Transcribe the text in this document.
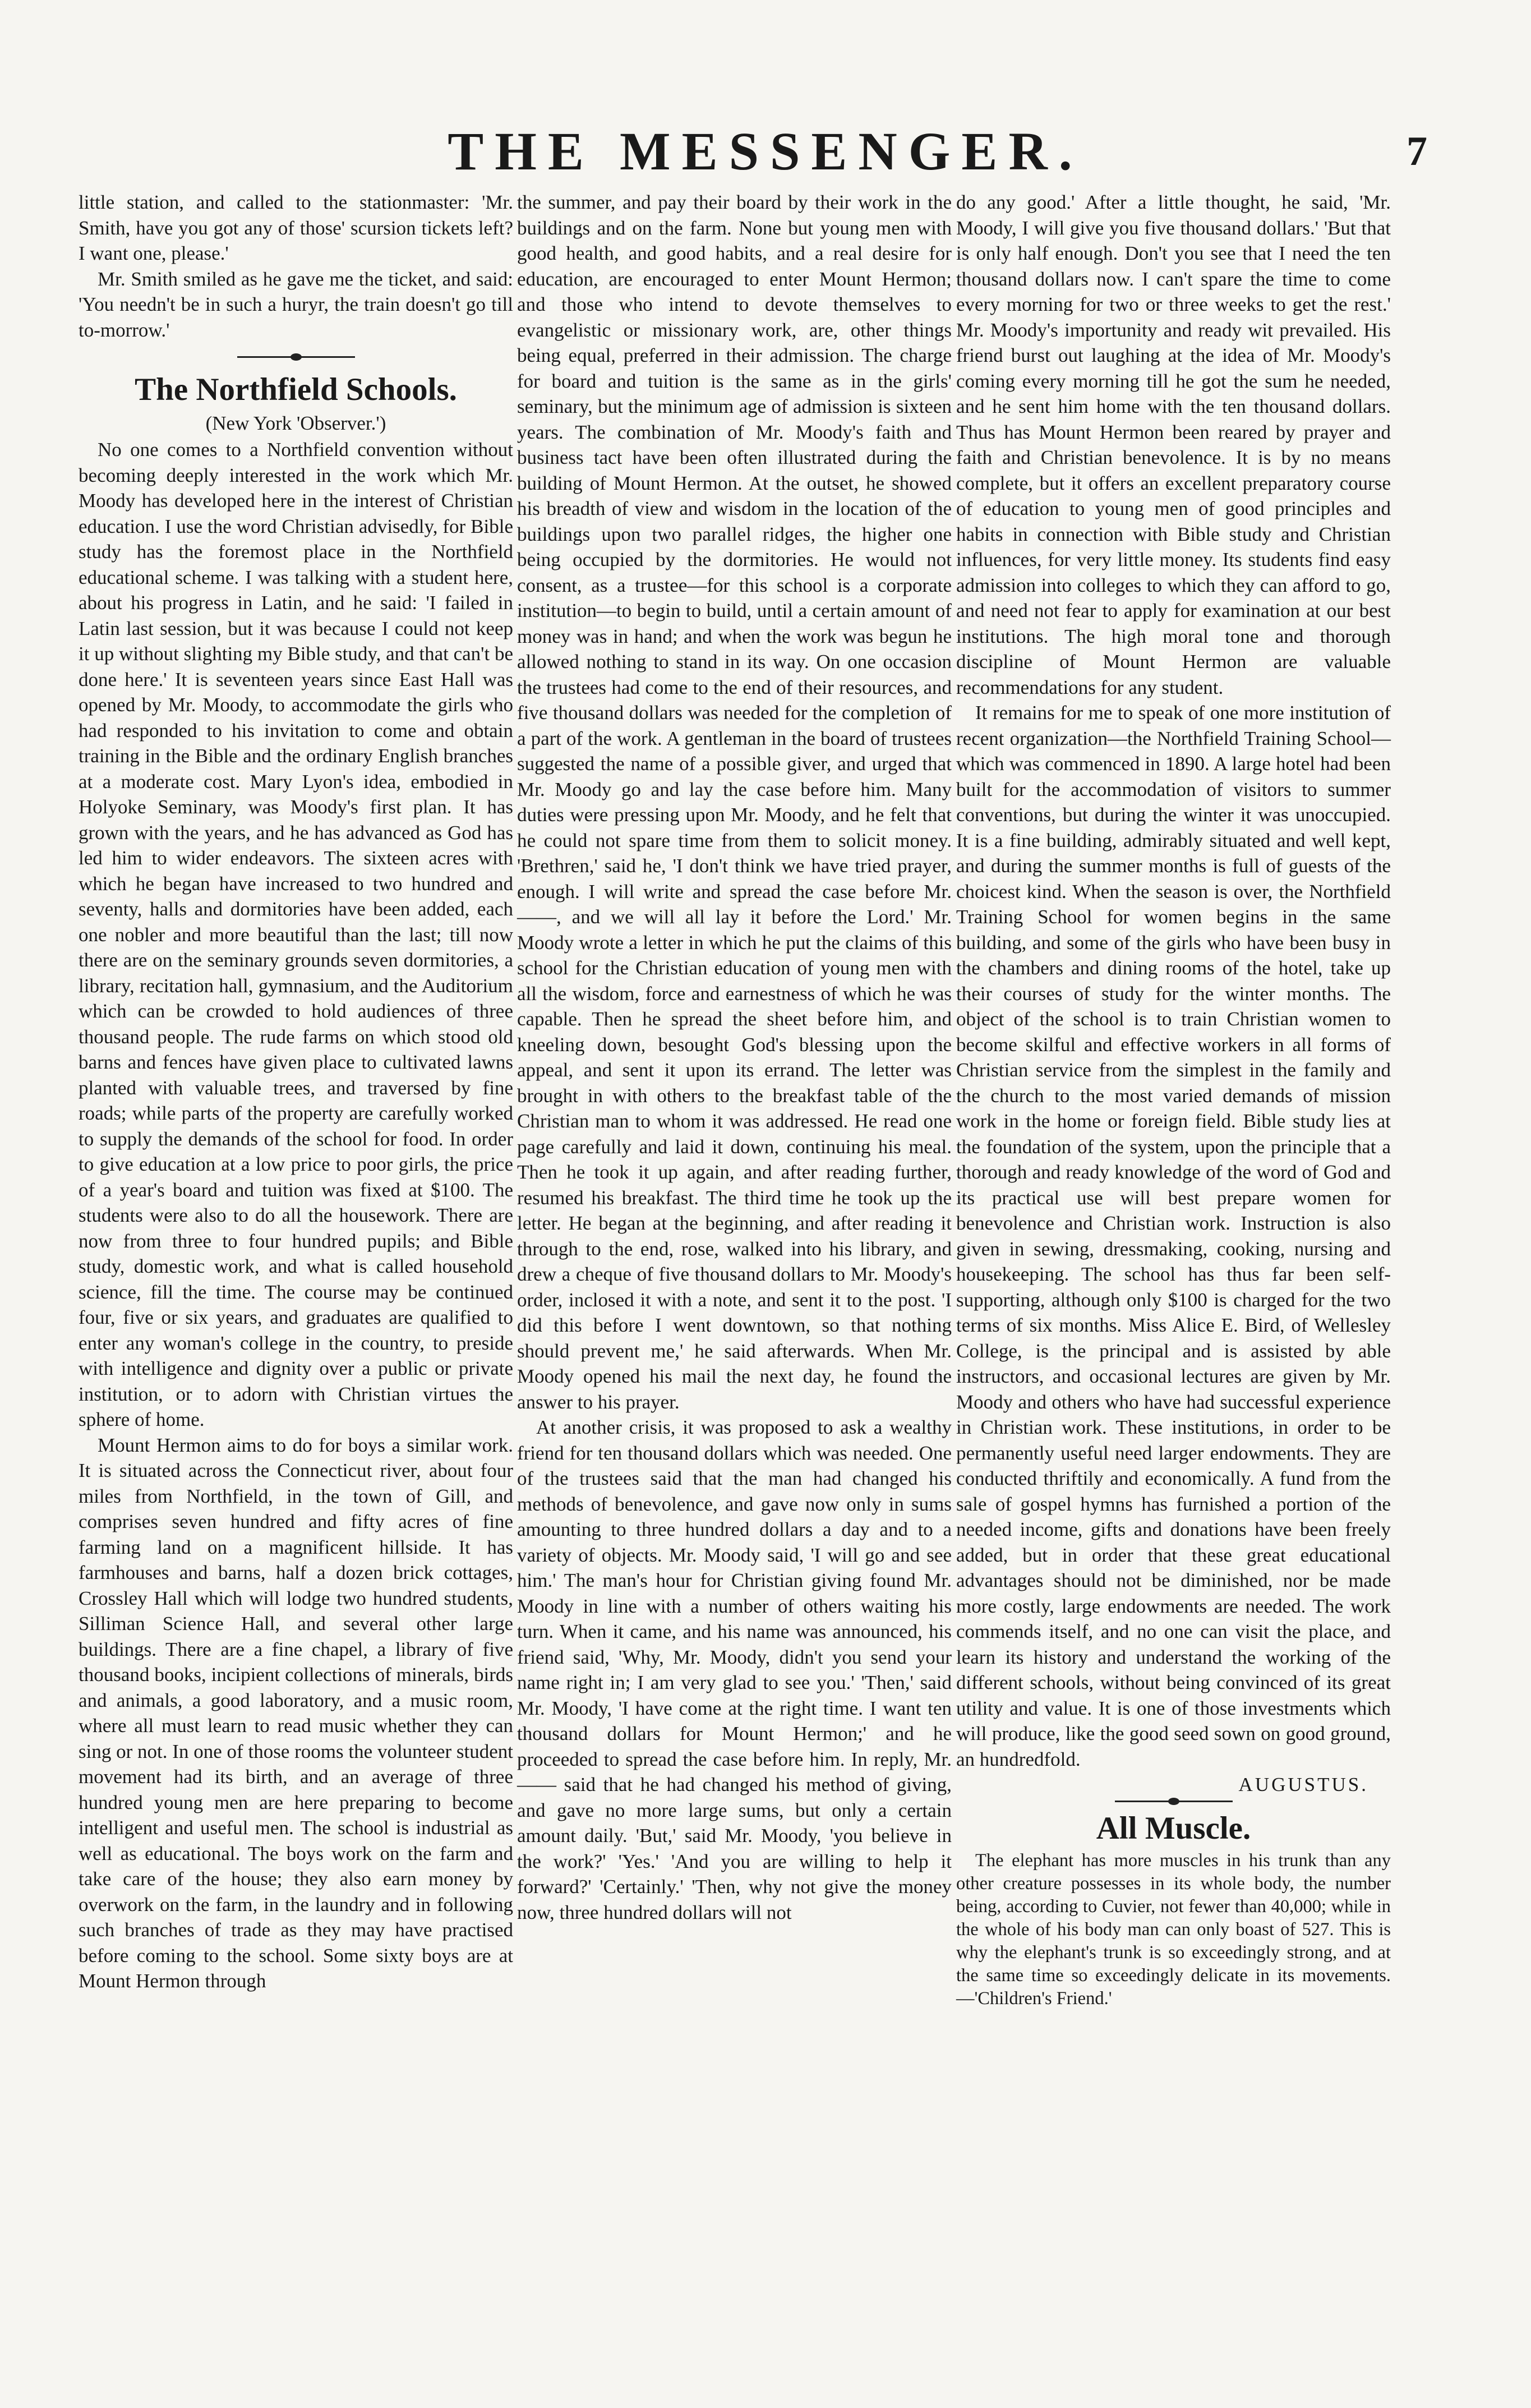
THE MESSENGER.	7

little station, and called to the stationmaster: 'Mr. Smith, have you got any of those' scursion tickets left? I want one, please.'

Mr. Smith smiled as he gave me the ticket, and said: 'You needn't be in such a huryr, the train doesn't go till to-morrow.'

The Northfield Schools.
(New York 'Observer.')

No one comes to a Northfield convention without becoming deeply interested in the work which Mr. Moody has developed here in the interest of Christian education. I use the word Christian advisedly, for Bible study has the foremost place in the Northfield educational scheme. I was talking with a student here, about his progress in Latin, and he said: 'I failed in Latin last session, but it was because I could not keep it up without slighting my Bible study, and that can't be done here.' It is seventeen years since East Hall was opened by Mr. Moody, to accommodate the girls who had responded to his invitation to come and obtain training in the Bible and the ordinary English branches at a moderate cost. Mary Lyon's idea, embodied in Holyoke Seminary, was Moody's first plan. It has grown with the years, and he has advanced as God has led him to wider endeavors. The sixteen acres with which he began have increased to two hundred and seventy, halls and dormitories have been added, each one nobler and more beautiful than the last; till now there are on the seminary grounds seven dormitories, a library, recitation hall, gymnasium, and the Auditorium which can be crowded to hold audiences of three thousand people. The rude farms on which stood old barns and fences have given place to cultivated lawns planted with valuable trees, and traversed by fine roads; while parts of the property are carefully worked to supply the demands of the school for food. In order to give education at a low price to poor girls, the price of a year's board and tuition was fixed at $100. The students were also to do all the housework. There are now from three to four hundred pupils; and Bible study, domestic work, and what is called household science, fill the time. The course may be continued four, five or six years, and graduates are qualified to enter any woman's college in the country, to preside with intelligence and dignity over a public or private institution, or to adorn with Christian virtues the sphere of home.

Mount Hermon aims to do for boys a similar work. It is situated across the Connecticut river, about four miles from Northfield, in the town of Gill, and comprises seven hundred and fifty acres of fine farming land on a magnificent hillside. It has farmhouses and barns, half a dozen brick cottages, Crossley Hall which will lodge two hundred students, Silliman Science Hall, and several other large buildings. There are a fine chapel, a library of five thousand books, incipient collections of minerals, birds and animals, a good laboratory, and a music room, where all must learn to read music whether they can sing or not. In one of those rooms the volunteer student movement had its birth, and an average of three hundred young men are here preparing to become intelligent and useful men. The school is industrial as well as educational. The boys work on the farm and take care of the house; they also earn money by overwork on the farm, in the laundry and in following such branches of trade as they may have practised before coming to the school. Some sixty boys are at Mount Hermon through

the summer, and pay their board by their work in the buildings and on the farm. None but young men with good health, and good habits, and a real desire for education, are encouraged to enter Mount Hermon; and those who intend to devote themselves to evangelistic or missionary work, are, other things being equal, preferred in their admission. The charge for board and tuition is the same as in the girls' seminary, but the minimum age of admission is sixteen years. The combination of Mr. Moody's faith and business tact have been often illustrated during the building of Mount Hermon. At the outset, he showed his breadth of view and wisdom in the location of the buildings upon two parallel ridges, the higher one being occupied by the dormitories. He would not consent, as a trustee—for this school is a corporate institution—to begin to build, until a certain amount of money was in hand; and when the work was begun he allowed nothing to stand in its way. On one occasion the trustees had come to the end of their resources, and five thousand dollars was needed for the completion of a part of the work. A gentleman in the board of trustees suggested the name of a possible giver, and urged that Mr. Moody go and lay the case before him. Many duties were pressing upon Mr. Moody, and he felt that he could not spare time from them to solicit money. 'Brethren,' said he, 'I don't think we have tried prayer, enough. I will write and spread the case before Mr. ——, and we will all lay it before the Lord.' Mr. Moody wrote a letter in which he put the claims of this school for the Christian education of young men with all the wisdom, force and earnestness of which he was capable. Then he spread the sheet before him, and kneeling down, besought God's blessing upon the appeal, and sent it upon its errand. The letter was brought in with others to the breakfast table of the Christian man to whom it was addressed. He read one page carefully and laid it down, continuing his meal. Then he took it up again, and after reading further, resumed his breakfast. The third time he took up the letter. He began at the beginning, and after reading it through to the end, rose, walked into his library, and drew a cheque of five thousand dollars to Mr. Moody's order, inclosed it with a note, and sent it to the post. 'I did this before I went downtown, so that nothing should prevent me,' he said afterwards. When Mr. Moody opened his mail the next day, he found the answer to his prayer.

At another crisis, it was proposed to ask a wealthy friend for ten thousand dollars which was needed. One of the trustees said that the man had changed his methods of benevolence, and gave now only in sums amounting to three hundred dollars a day and to a variety of objects. Mr. Moody said, 'I will go and see him.' The man's hour for Christian giving found Mr. Moody in line with a number of others waiting his turn. When it came, and his name was announced, his friend said, 'Why, Mr. Moody, didn't you send your name right in; I am very glad to see you.' 'Then,' said Mr. Moody, 'I have come at the right time. I want ten thousand dollars for Mount Hermon;' and he proceeded to spread the case before him. In reply, Mr. —— said that he had changed his method of giving, and gave no more large sums, but only a certain amount daily. 'But,' said Mr. Moody, 'you believe in the work?' 'Yes.' 'And you are willing to help it forward?' 'Certainly.' 'Then, why not give the money now, three hundred dollars will not

do any good.' After a little thought, he said, 'Mr. Moody, I will give you five thousand dollars.' 'But that is only half enough. Don't you see that I need the ten thousand dollars now. I can't spare the time to come every morning for two or three weeks to get the rest.' Mr. Moody's importunity and ready wit prevailed. His friend burst out laughing at the idea of Mr. Moody's coming every morning till he got the sum he needed, and he sent him home with the ten thousand dollars. Thus has Mount Hermon been reared by prayer and faith and Christian benevolence. It is by no means complete, but it offers an excellent preparatory course of education to young men of good principles and habits in connection with Bible study and Christian influences, for very little money. Its students find easy admission into colleges to which they can afford to go, and need not fear to apply for examination at our best institutions. The high moral tone and thorough discipline of Mount Hermon are valuable recommendations for any student.

It remains for me to speak of one more institution of recent organization—the Northfield Training School—which was commenced in 1890. A large hotel had been built for the accommodation of visitors to summer conventions, but during the winter it was unoccupied. It is a fine building, admirably situated and well kept, and during the summer months is full of guests of the choicest kind. When the season is over, the Northfield Training School for women begins in the same building, and some of the girls who have been busy in the chambers and dining rooms of the hotel, take up their courses of study for the winter months. The object of the school is to train Christian women to become skilful and effective workers in all forms of Christian service from the simplest in the family and the church to the most varied demands of mission work in the home or foreign field. Bible study lies at the foundation of the system, upon the principle that a thorough and ready knowledge of the word of God and its practical use will best prepare women for benevolence and Christian work. Instruction is also given in sewing, dressmaking, cooking, nursing and housekeeping. The school has thus far been self-supporting, although only $100 is charged for the two terms of six months. Miss Alice E. Bird, of Wellesley College, is the principal and is assisted by able instructors, and occasional lectures are given by Mr. Moody and others who have had successful experience in Christian work. These institutions, in order to be permanently useful need larger endowments. They are conducted thriftily and economically. A fund from the sale of gospel hymns has furnished a portion of the needed income, gifts and donations have been freely added, but in order that these great educational advantages should not be diminished, nor be made more costly, large endowments are needed. The work commends itself, and no one can visit the place, and learn its history and understand the working of the different schools, without being convinced of its great utility and value. It is one of those investments which will produce, like the good seed sown on good ground, an hundredfold.

AUGUSTUS.
All Muscle.

The elephant has more muscles in his trunk than any other creature possesses in its whole body, the number being, according to Cuvier, not fewer than 40,000; while in the whole of his body man can only boast of 527. This is why the elephant's trunk is so exceedingly strong, and at the same time so exceedingly delicate in its movements.—'Children's Friend.'
